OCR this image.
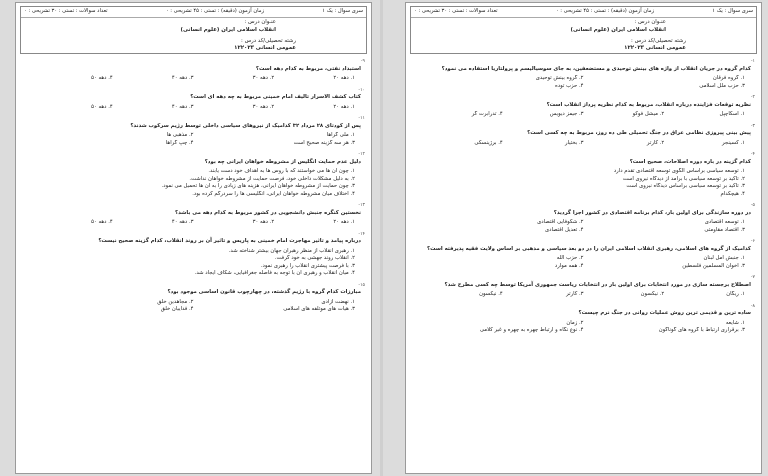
سری سوال : یک ۱
زمان آزمون (دقیقه) : تستی : ۴۵ تشریحی : ۰
تعداد سوالات : تستی : ۳۰ تشریحی : ۰
عنـوان درس :
انقلاب اسلامی ایران (علوم انسانی)
رشته تحصیلی/کد درس :
عمومی انسانی ۱۲۲۰۲۳
۱-
کدام گروه در جریان انقلاب از واژه های بینش توحیدی و مستضعفین، به جای سوسیالیسم و پرولتاریا استفاده می نمود؟
۱. گروه فرقان
۲. گروه بینش توحیدی
۳. حزب ملل اسلامی
۴. حزب توده
۲-
نظریه توقعات فزاینده درباره انقلاب، مربوط به کدام نظریه پرداز انقلاب است؟
۱. اسکاچپل
۲. میشل فوکو
۳. جیمز دیویس
۴. تدرابرت گر
۳-
پیش بینی پیروزی نظامی عراق در جنگ تحمیلی طی ده روز، مربوط به چه کسی است؟
۱. کسینجر
۲. کارتر
۳. بختیار
۴. برژینسکی
۴-
کدام گزینه در باره دوره اصلاحات، صحیح است؟
۱. توسعه سیاسی براساس الگوی توسعه اقتصادی تقدم دارد
۲. تاکید بر توسعه سیاسی با برآمد از دیدگاه نیروی است
۳. تاکید بر توسعه سیاسی براساس دیدگاه نیروی است
۴. هیچکدام
۵-
در دوره سازندگی برای اولین بار، کدام برنامه اقتصادی در کشور اجرا گردید؟
۱. توسعه اقتصادی
۲. شکوفایی اقتصادی
۳. اقتصاد مقاومتی
۴. تعدیل اقتصادی
۶-
کدامیک از گروه های اسلامی، رهبری انقلاب اسلامی ایران را در دو بعد سیاسی و مذهبی بر اساس ولایت فقیه پذیرفته است؟
۱. جنبش امل لبنان
۲. حزب الله
۳. اخوان المسلمین فلسطین
۴. همه موارد
۷-
اصطلاح برجسته سازی در مورد انتخابات برای اولین بار در انتخابات ریاست جمهوری آمریکا توسط چه کسی مطرح شد؟
۱. ریگان
۲. نیکسون
۳. کارتر
۴. نیکسون
۸-
ساده ترین و قدیمی ترین روش عملیات روانی در جنگ نرم چیست؟
۱. شایعه
۲. زمان
۳. برقراری ارتباط با گروه های گوناگون
۴. نوع نگاه و ارتباط چهره به چهره و غیر کلامی
سری سوال : یک ۱
زمان آزمون (دقیقه) : تستی : ۴۵ تشریحی : ۰
تعداد سوالات : تستی : ۳۰ تشریحی : ۰
عنـوان درس :
انقلاب اسلامی ایران (علوم انسانی)
رشته تحصیلی/کد درس :
عمومی انسانی ۱۲۲۰۲۳
۹-
استبداد نفتی، مربوط به کدام دهه است؟
۱. دهه ۲۰
۲. دهه ۳۰
۳. دهه ۴۰
۴. دهه ۵۰
۱۰-
کتاب کشف الاسرار تالیف امام خمینی مربوط به چه دهه ای است؟
۱. دهه ۲۰
۲. دهه ۳۰
۳. دهه ۴۰
۴. دهه ۵۰
۱۱-
پس از کودتای ۲۸ مرداد ۳۲ کدامیک از نیروهای سیاسی داخلی توسط رژیم سرکوب شدند؟
۱. ملی گراها
۲. مذهبی ها
۳. هر سه گزینه صحیح است
۴. چپ گراها
۱۲-
دلیل عدم حمایت انگلیس از مشروطه خواهان ایرانی چه بود؟
۱. چون آن ها می خواستند که با روس ها به اهداف خود دست یابند.
۲. به دلیل مشکلات داخلی خود، فرصت حمایت از مشروطه خواهان نداشت.
۳. چون حمایت از مشروطه خواهان ایرانی، هزینه های زیادی را به آن ها تحمیل می نمود.
۴. اختلاف میان مشروطه خواهان ایرانی، انگلیسی ها را سردرگم کرده بود.
۱۳-
نخستین کنگره جنبش دانشجویی در کشور مربوط به کدام دهه می باشد؟
۱. دهه ۲۰
۲. دهه ۳۰
۳. دهه ۴۰
۴. دهه ۵۰
۱۴-
درباره پیامد و تاثیر مهاجرت امام خمینی به پاریس و تاثیر آن بر روند انقلاب، کدام گزینه صحیح نیست؟
۱. رهبری انقلاب از منظر رهبران جهان بیشتر شناخته شد.
۲. انقلاب روند جهشی به خود گرفت.
۳. با فرصت پیشتری انقلاب را رهبری نمود.
۴. میان انقلاب و رهبری آن با توجه به فاصله جغرافیایی، شکاف ایجاد شد.
۱۵-
مبارزات کدام گروه با رژیم گذشته، در چهارچوب قانون اساسی موجود بود؟
۱. نهضت آزادی
۲. مجاهدین خلق
۳. هیأت های موتلفه های اسلامی
۴. فداییان خلق
